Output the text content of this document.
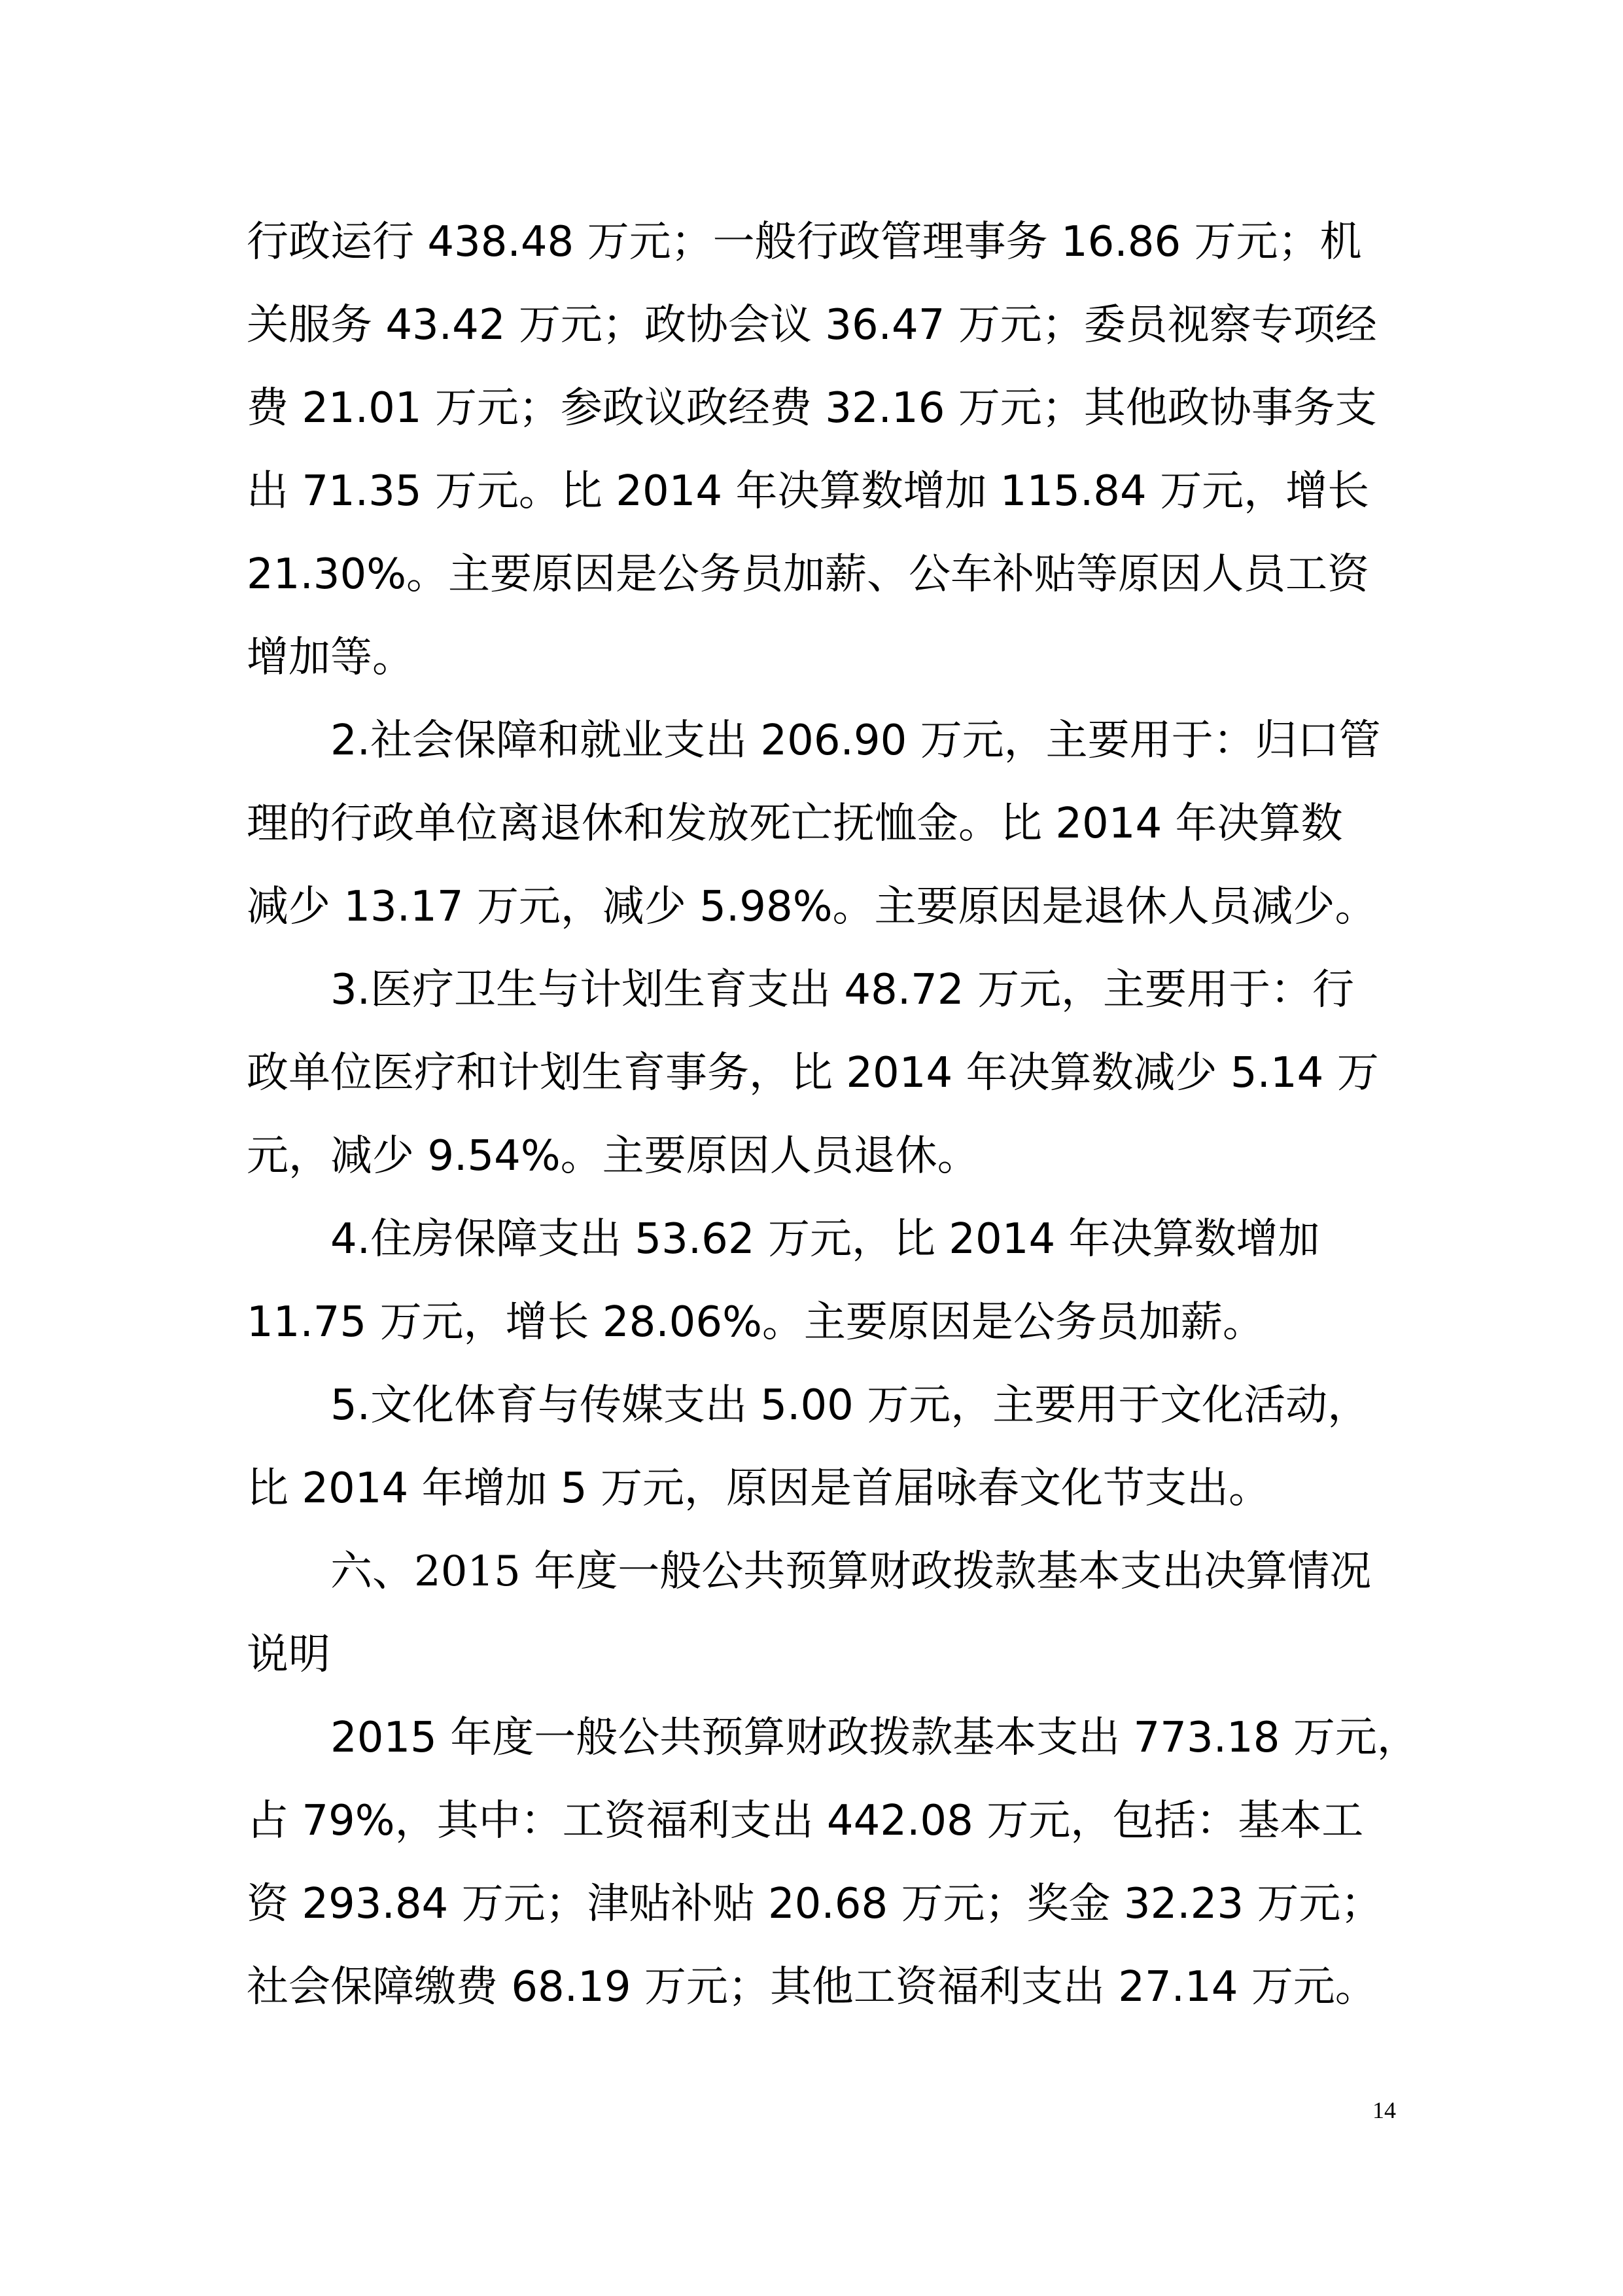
行政运行 438.48 万元；一般行政管理事务 16.86 万元；机
关服务 43.42 万元；政协会议 36.47 万元；委员视察专项经
费 21.01 万元；参政议政经费 32.16 万元；其他政协事务支
出 71.35 万元。比 2014 年决算数增加 115.84 万元，增长
21.30%。主要原因是公务员加薪、公车补贴等原因人员工资
增加等。
2.社会保障和就业支出 206.90 万元，主要用于：归口管
理的行政单位离退休和发放死亡抚恤金。比 2014 年决算数
减少 13.17 万元，减少 5.98%。主要原因是退休人员减少。
3.医疗卫生与计划生育支出 48.72 万元，主要用于：行
政单位医疗和计划生育事务，比 2014 年决算数减少 5.14 万
元，减少 9.54%。主要原因人员退休。
4.住房保障支出 53.62 万元，比 2014 年决算数增加
11.75 万元，增长 28.06%。主要原因是公务员加薪。
5.文化体育与传媒支出 5.00 万元，主要用于文化活动，
比 2014 年增加 5 万元，原因是首届咏春文化节支出。
六、2015 年度一般公共预算财政拨款基本支出决算情况
说明
2015 年度一般公共预算财政拨款基本支出 773.18 万元，
占 79%，其中：工资福利支出 442.08 万元，包括：基本工
资 293.84 万元；津贴补贴 20.68 万元；奖金 32.23 万元；
社会保障缴费 68.19 万元；其他工资福利支出 27.14 万元。
14
